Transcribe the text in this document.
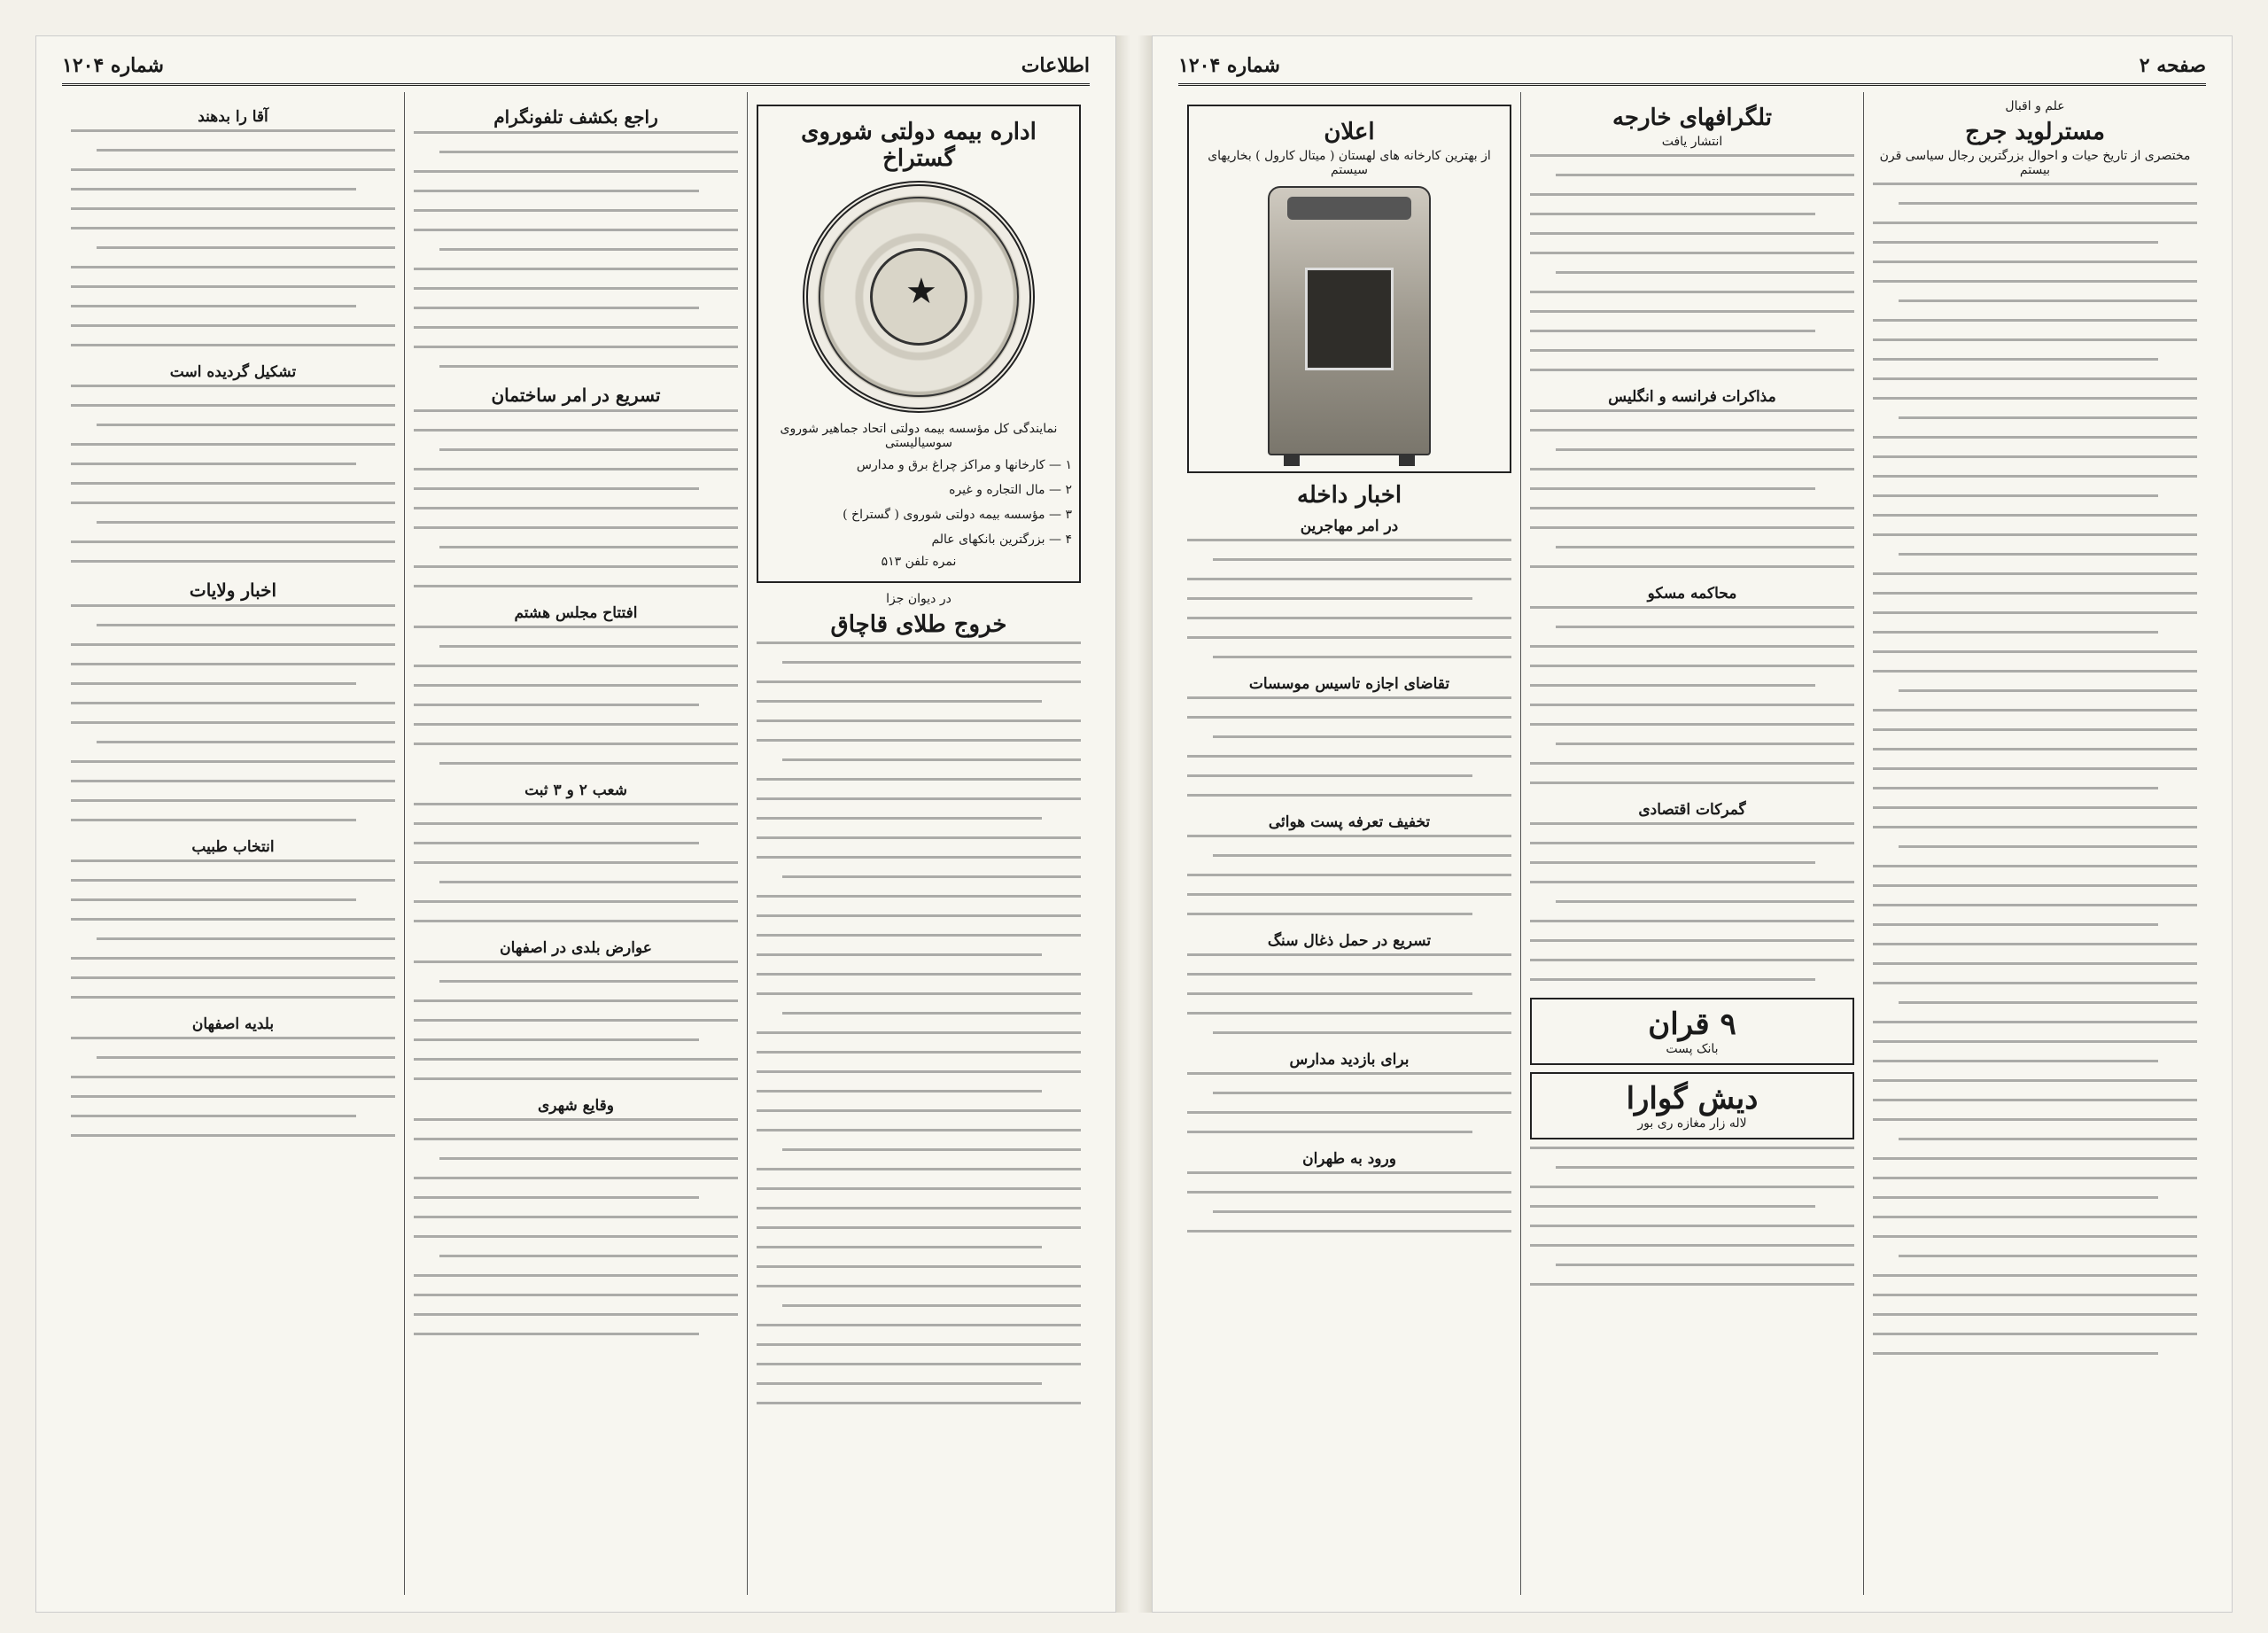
اطلاعات
شماره ۱۲۰۴
اداره بیمه دولتی شوروی گستراخ
★
نمایندگی کل مؤسسه بیمه دولتی اتحاد جماهیر شوروی سوسیالیستی

۱ — کارخانها و مراکز چراغ برق و مدارس

۲ — مال التجاره و غیره

۳ — مؤسسه بیمه دولتی شوروی ( گستراخ )

۴ — بزرگترین بانکهای عالم

نمره تلفن ۵۱۳
در دیوان جزا
خروج طلای قاچاق
راجع بکشف تلفونگرام
تسریع در امر ساختمان
افتتاح مجلس هشتم
شعب ۲ و ۳ ثبت
عوارض بلدی در اصفهان
وقایع شهری
آقا را بدهند
تشکیل گردیده است
اخبار ولایات
انتخاب طبیب
بلدیه اصفهان
صفحه ۲
شماره ۱۲۰۴
علم و اقبال
مسترلوید جرج
مختصری از تاریخ حیات و احوال بزرگترین رجال سیاسی قرن بیستم
تلگرافهای خارجه
انتشار یافت
مذاکرات فرانسه و انگلیس
محاکمه مسکو
گمرکات اقتصادی
۹ قران
بانک پست
دیش گوارا
لاله زار مغازه ری بور
اعلان
از بهترین کارخانه های لهستان ( میتال کارول ) بخاریهای سیستم
اخبار داخله
در امر مهاجرین
تقاضای اجازه تاسیس موسسات
تخفیف تعرفه پست هوائی
تسریع در حمل ذغال سنگ
برای بازدید مدارس
ورود به طهران
